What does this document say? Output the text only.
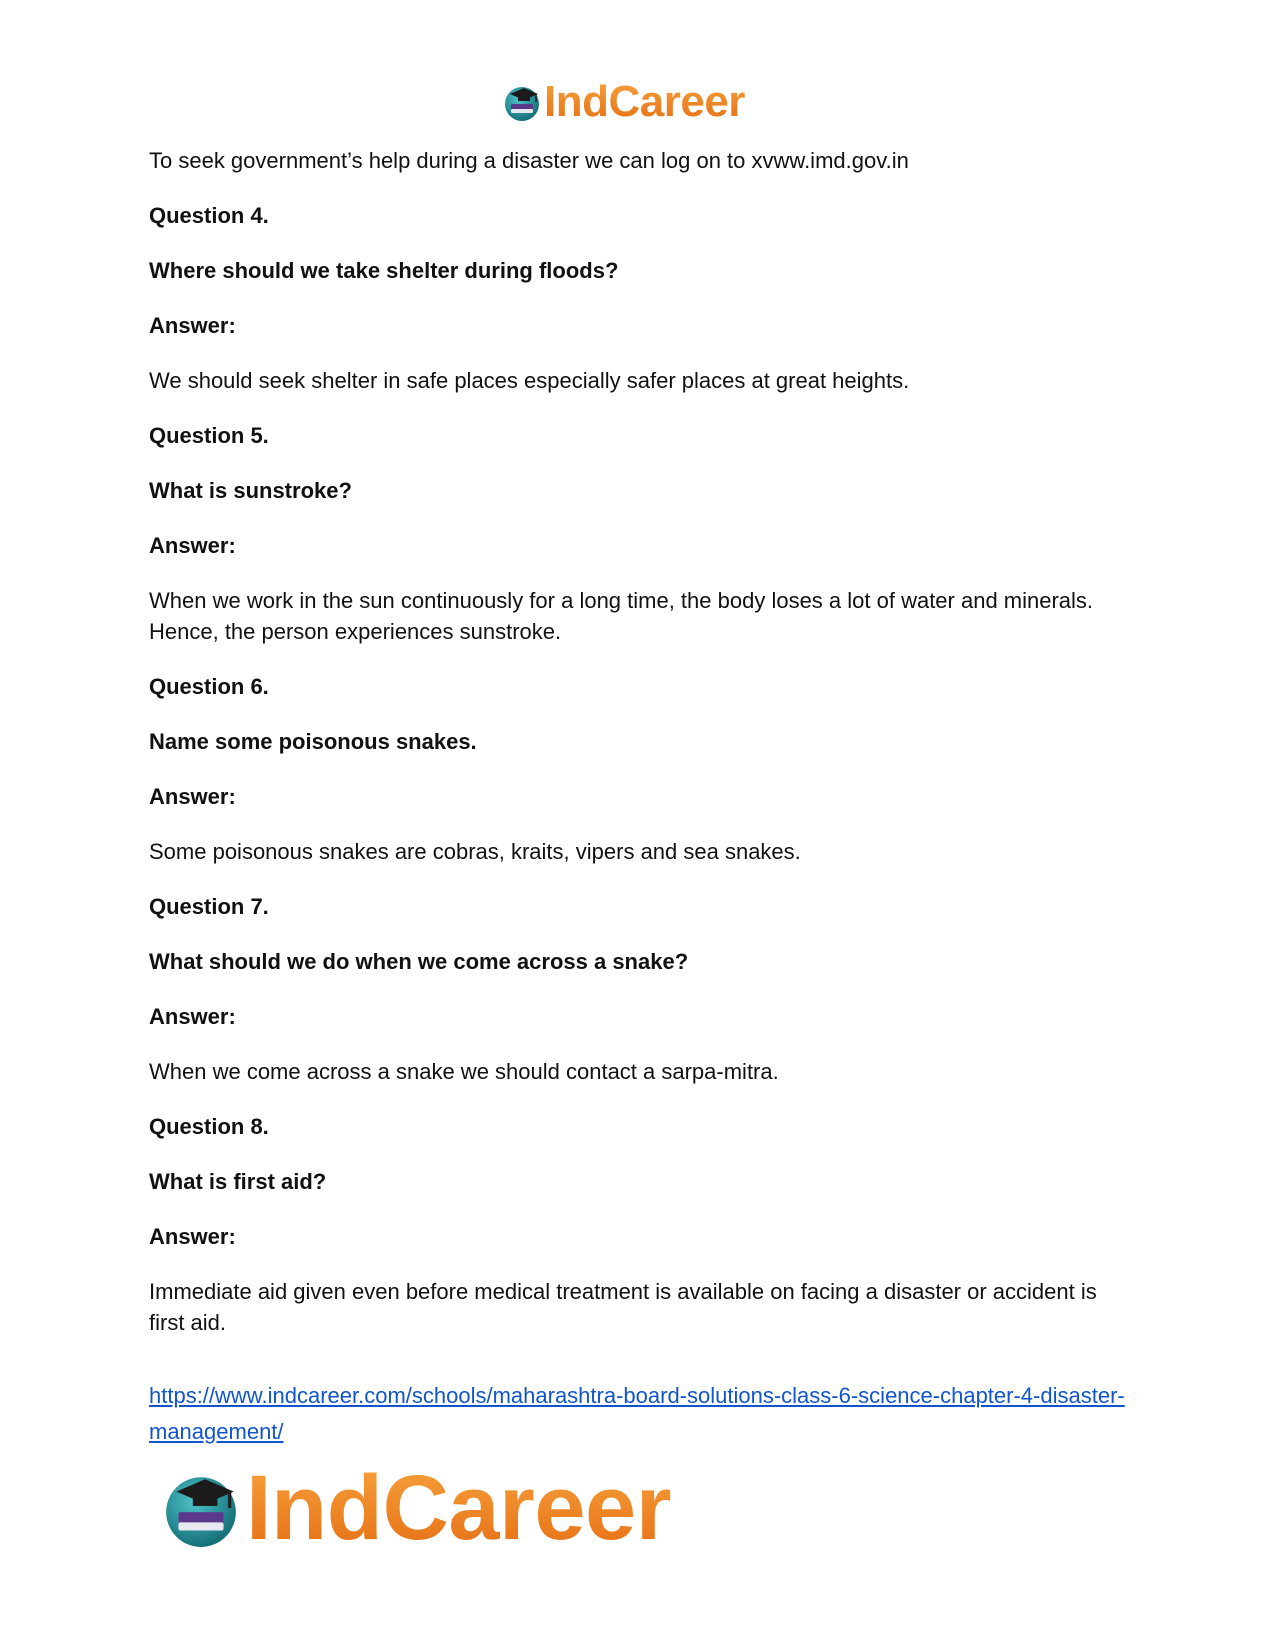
IndCareer

To seek government’s help during a disaster we can log on to xvww.imd.gov.in

Question 4.

Where should we take shelter during floods?

Answer:

We should seek shelter in safe places especially safer places at great heights.

Question 5.

What is sunstroke?

Answer:

When we work in the sun continuously for a long time, the body loses a lot of water and minerals. Hence, the person experiences sunstroke.

Question 6.

Name some poisonous snakes.

Answer:

Some poisonous snakes are cobras, kraits, vipers and sea snakes.

Question 7.

What should we do when we come across a snake?

Answer:

When we come across a snake we should contact a sarpa-mitra.

Question 8.

What is first aid?

Answer:

Immediate aid given even before medical treatment is available on facing a disaster or accident is first aid.

https://www.indcareer.com/schools/maharashtra-board-solutions-class-6-science-chapter-4-disaster-management/
IndCareer
